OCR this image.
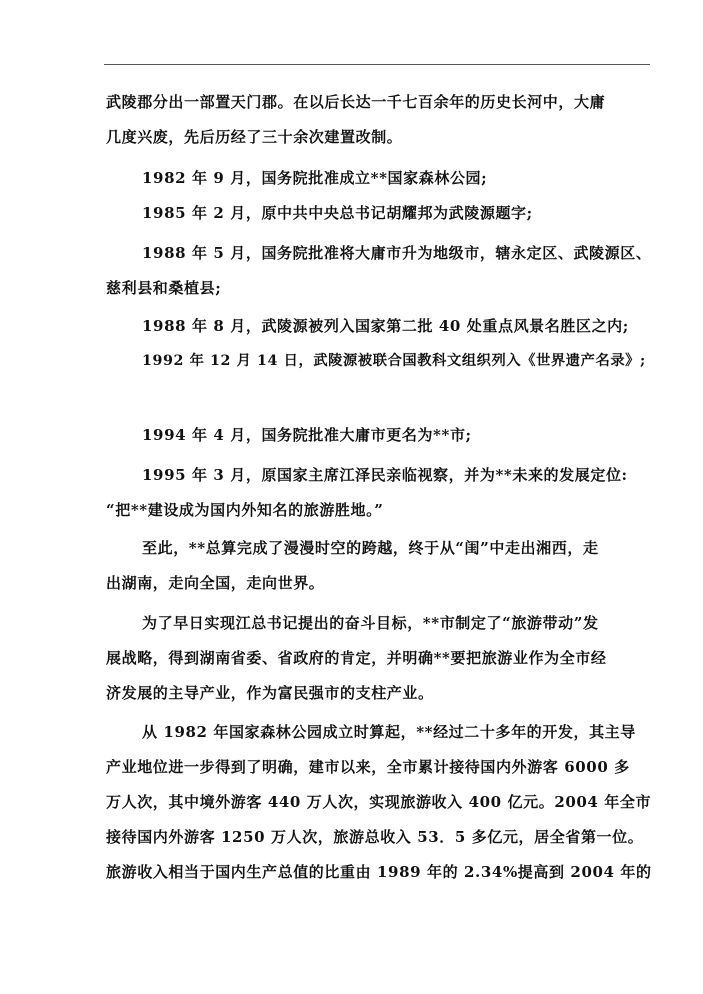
武陵郡分出一部置天门郡。在以后长达一千七百余年的历史长河中，大庸
几度兴废，先后历经了三十余次建置改制。
1982 年 9 月，国务院批准成立**国家森林公园;
1985 年 2 月，原中共中央总书记胡耀邦为武陵源题字;
1988 年 5 月，国务院批准将大庸市升为地级市，辖永定区、武陵源区、
慈利县和桑植县;
1988 年 8 月，武陵源被列入国家第二批 40 处重点风景名胜区之内;
1992 年 12 月 14 日，武陵源被联合国教科文组织列入《世界遗产名录》;
1994 年 4 月，国务院批准大庸市更名为**市;
1995 年 3 月，原国家主席江泽民亲临视察，并为**未来的发展定位:
“把**建设成为国内外知名的旅游胜地。”
至此，**总算完成了漫漫时空的跨越，终于从“闺”中走出湘西，走
出湖南，走向全国，走向世界。
为了早日实现江总书记提出的奋斗目标，**市制定了“旅游带动”发
展战略，得到湖南省委、省政府的肯定，并明确**要把旅游业作为全市经
济发展的主导产业，作为富民强市的支柱产业。
从 1982 年国家森林公园成立时算起，**经过二十多年的开发，其主导
产业地位进一步得到了明确，建市以来，全市累计接待国内外游客 6000 多
万人次，其中境外游客 440 万人次，实现旅游收入 400 亿元。2004 年全市
接待国内外游客 1250 万人次，旅游总收入 53．5 多亿元，居全省第一位。
旅游收入相当于国内生产总值的比重由 1989 年的 2.34%提高到 2004 年的
